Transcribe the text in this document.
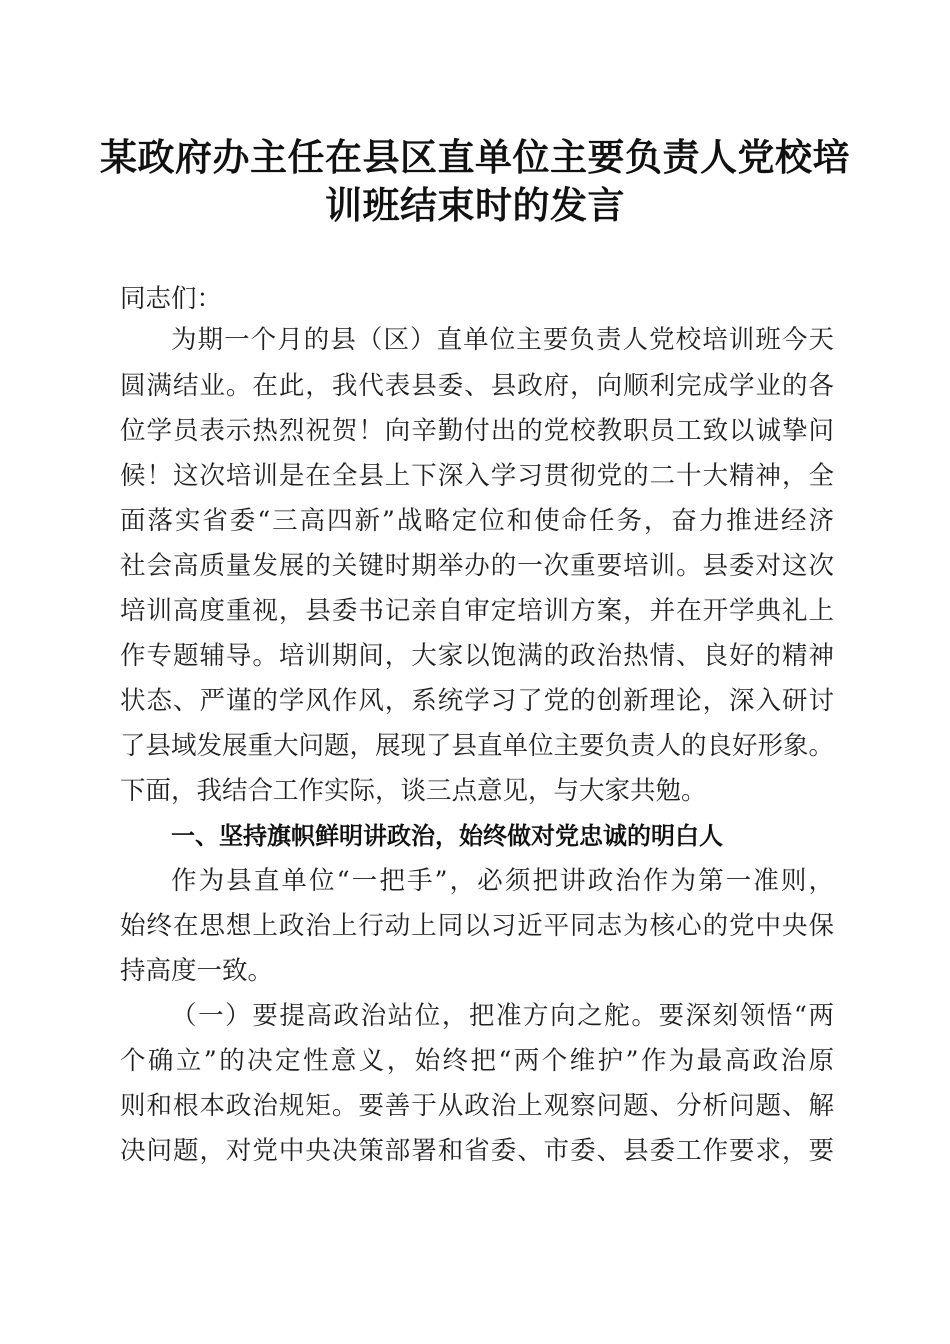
某政府办主任在县区直单位主要负责人党校培
训班结束时的发言
同志们：
为期一个月的县（区）直单位主要负责人党校培训班今天
圆满结业。在此，我代表县委、县政府，向顺利完成学业的各
位学员表示热烈祝贺！向辛勤付出的党校教职员工致以诚挚问
候！这次培训是在全县上下深入学习贯彻党的二十大精神，全
面落实省委“三高四新”战略定位和使命任务，奋力推进经济
社会高质量发展的关键时期举办的一次重要培训。县委对这次
培训高度重视，县委书记亲自审定培训方案，并在开学典礼上
作专题辅导。培训期间，大家以饱满的政治热情、良好的精神
状态、严谨的学风作风，系统学习了党的创新理论，深入研讨
了县域发展重大问题，展现了县直单位主要负责人的良好形象。
下面，我结合工作实际，谈三点意见，与大家共勉。
一、坚持旗帜鲜明讲政治，始终做对党忠诚的明白人
作为县直单位“一把手”，必须把讲政治作为第一准则，
始终在思想上政治上行动上同以习近平同志为核心的党中央保
持高度一致。
（一）要提高政治站位，把准方向之舵。要深刻领悟“两
个确立”的决定性意义，始终把“两个维护”作为最高政治原
则和根本政治规矩。要善于从政治上观察问题、分析问题、解
决问题，对党中央决策部署和省委、市委、县委工作要求，要
